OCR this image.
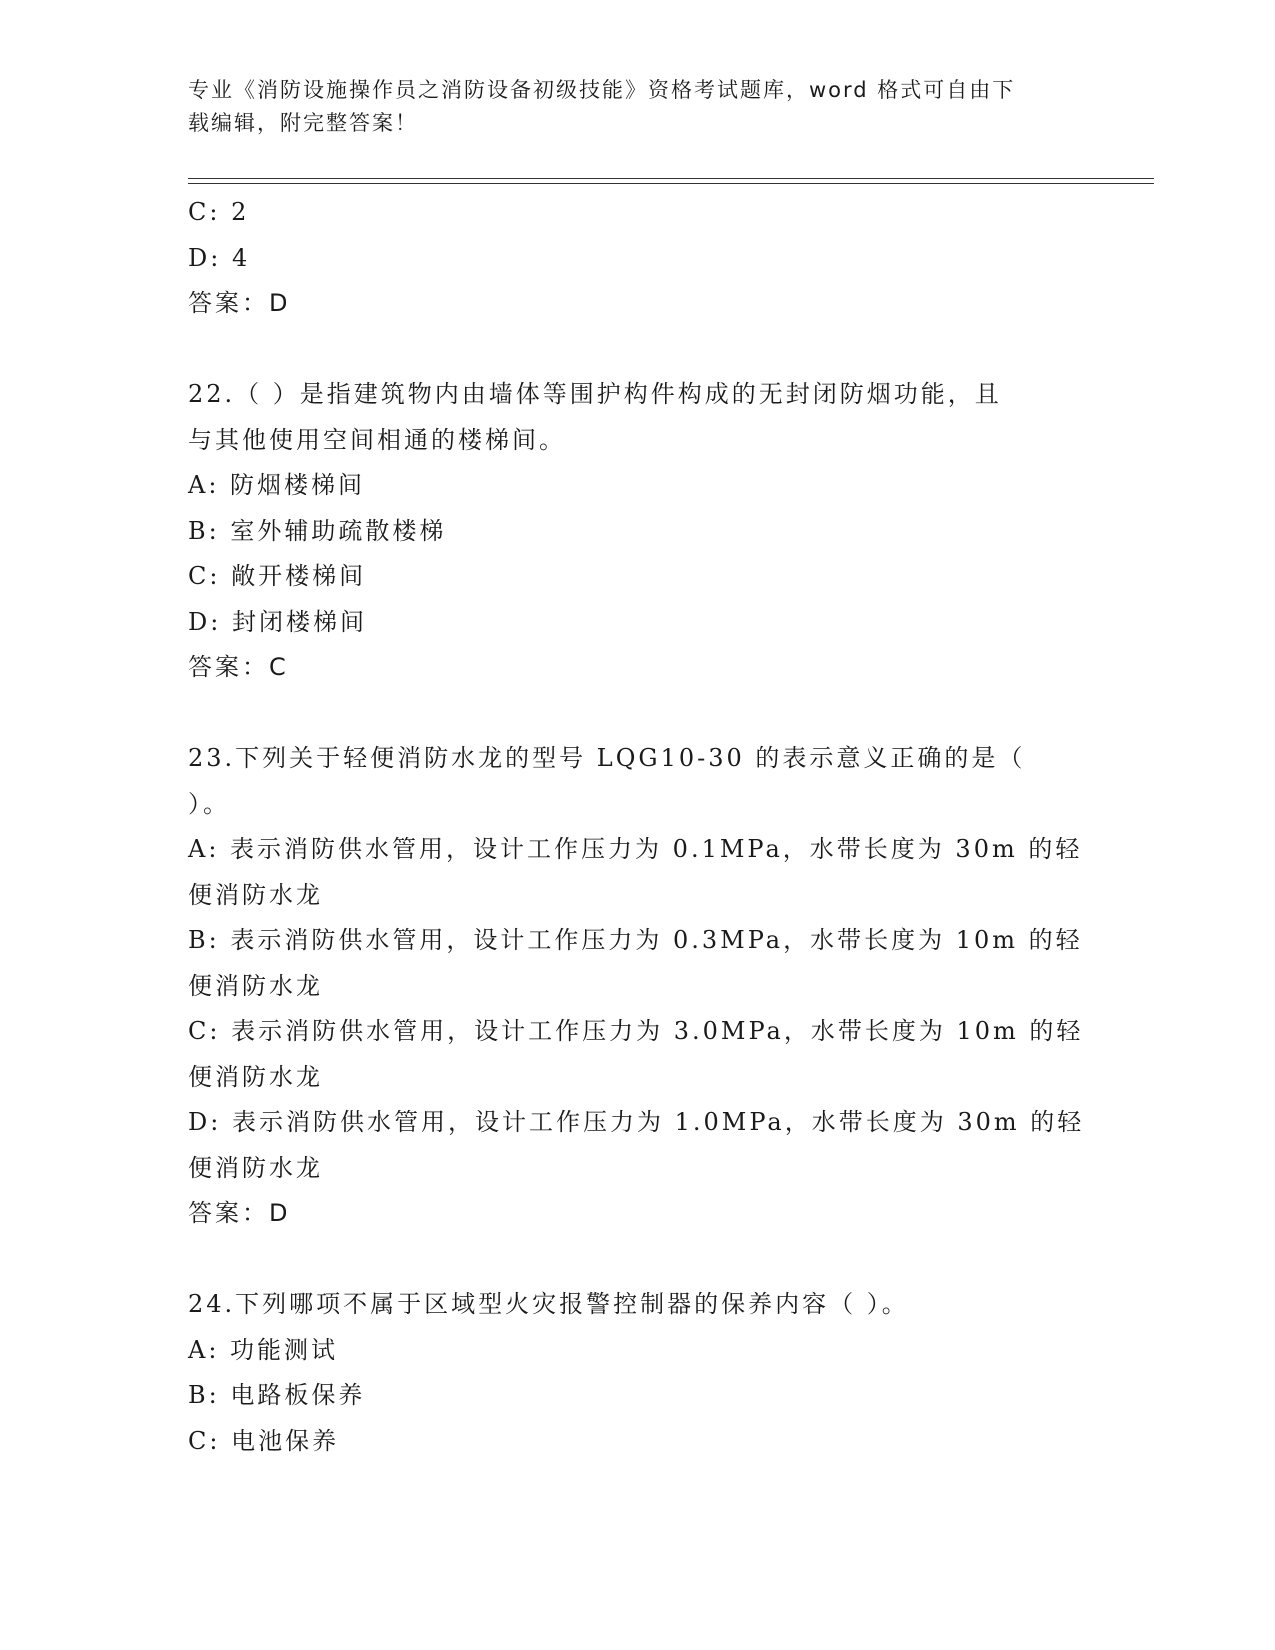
专业《消防设施操作员之消防设备初级技能》资格考试题库，word 格式可自由下
载编辑，附完整答案！
C: 2
D: 4
答案：D
22.（ ）是指建筑物内由墙体等围护构件构成的无封闭防烟功能，且
与其他使用空间相通的楼梯间。
A: 防烟楼梯间
B: 室外辅助疏散楼梯
C: 敞开楼梯间
D: 封闭楼梯间
答案：C
23.下列关于轻便消防水龙的型号 LQG10-30 的表示意义正确的是（
）。
A: 表示消防供水管用，设计工作压力为 0.1MPa，水带长度为 30m 的轻
便消防水龙
B: 表示消防供水管用，设计工作压力为 0.3MPa，水带长度为 10m 的轻
便消防水龙
C: 表示消防供水管用，设计工作压力为 3.0MPa，水带长度为 10m 的轻
便消防水龙
D: 表示消防供水管用，设计工作压力为 1.0MPa，水带长度为 30m 的轻
便消防水龙
答案：D
24.下列哪项不属于区域型火灾报警控制器的保养内容（ ）。
A: 功能测试
B: 电路板保养
C: 电池保养
